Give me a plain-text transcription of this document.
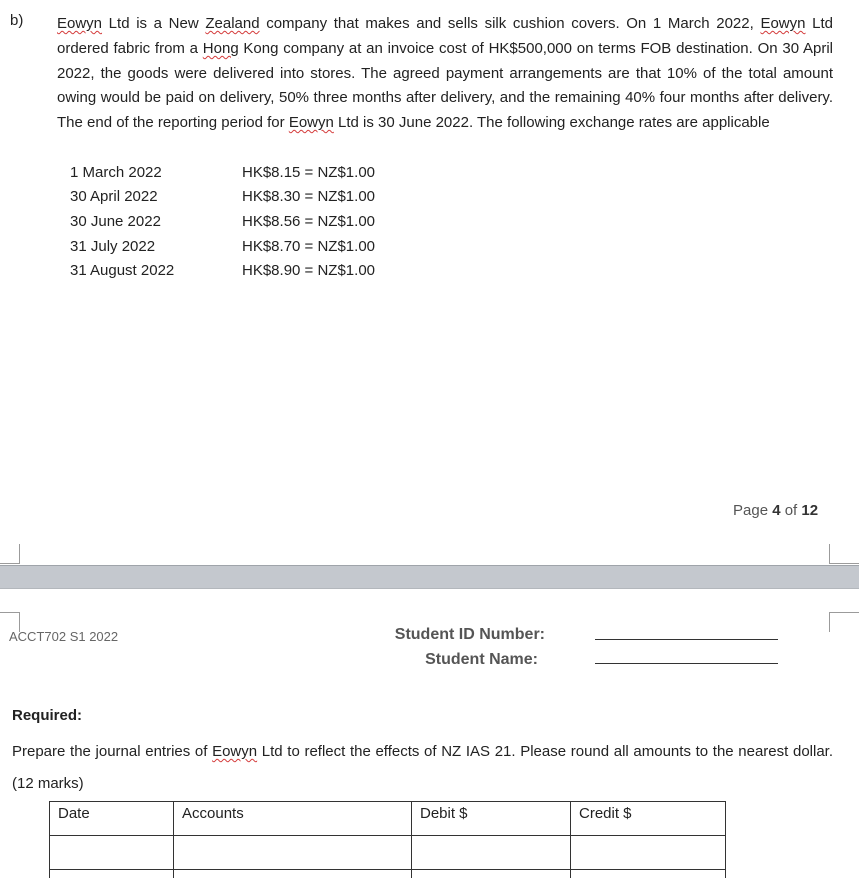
b) Eowyn Ltd is a New Zealand company that makes and sells silk cushion covers. On 1 March 2022, Eowyn Ltd ordered fabric from a Hong Kong company at an invoice cost of HK$500,000 on terms FOB destination. On 30 April 2022, the goods were delivered into stores. The agreed payment arrangements are that 10% of the total amount owing would be paid on delivery, 50% three months after delivery, and the remaining 40% four months after delivery. The end of the reporting period for Eowyn Ltd is 30 June 2022. The following exchange rates are applicable

1 March 2022	HK$8.15 = NZ$1.00
30 April 2022	HK$8.30 = NZ$1.00
30 June 2022	HK$8.56 = NZ$1.00
31 July 2022	HK$8.70 = NZ$1.00
31 August 2022	HK$8.90 = NZ$1.00
Page 4 of 12
ACCT702 S1 2022	Student ID Number:
Student Name:
Required:

Prepare the journal entries of Eowyn Ltd to reflect the effects of NZ IAS 21. Please round all amounts to the nearest dollar. (12 marks)

Date	Accounts	Debit $	Credit $
